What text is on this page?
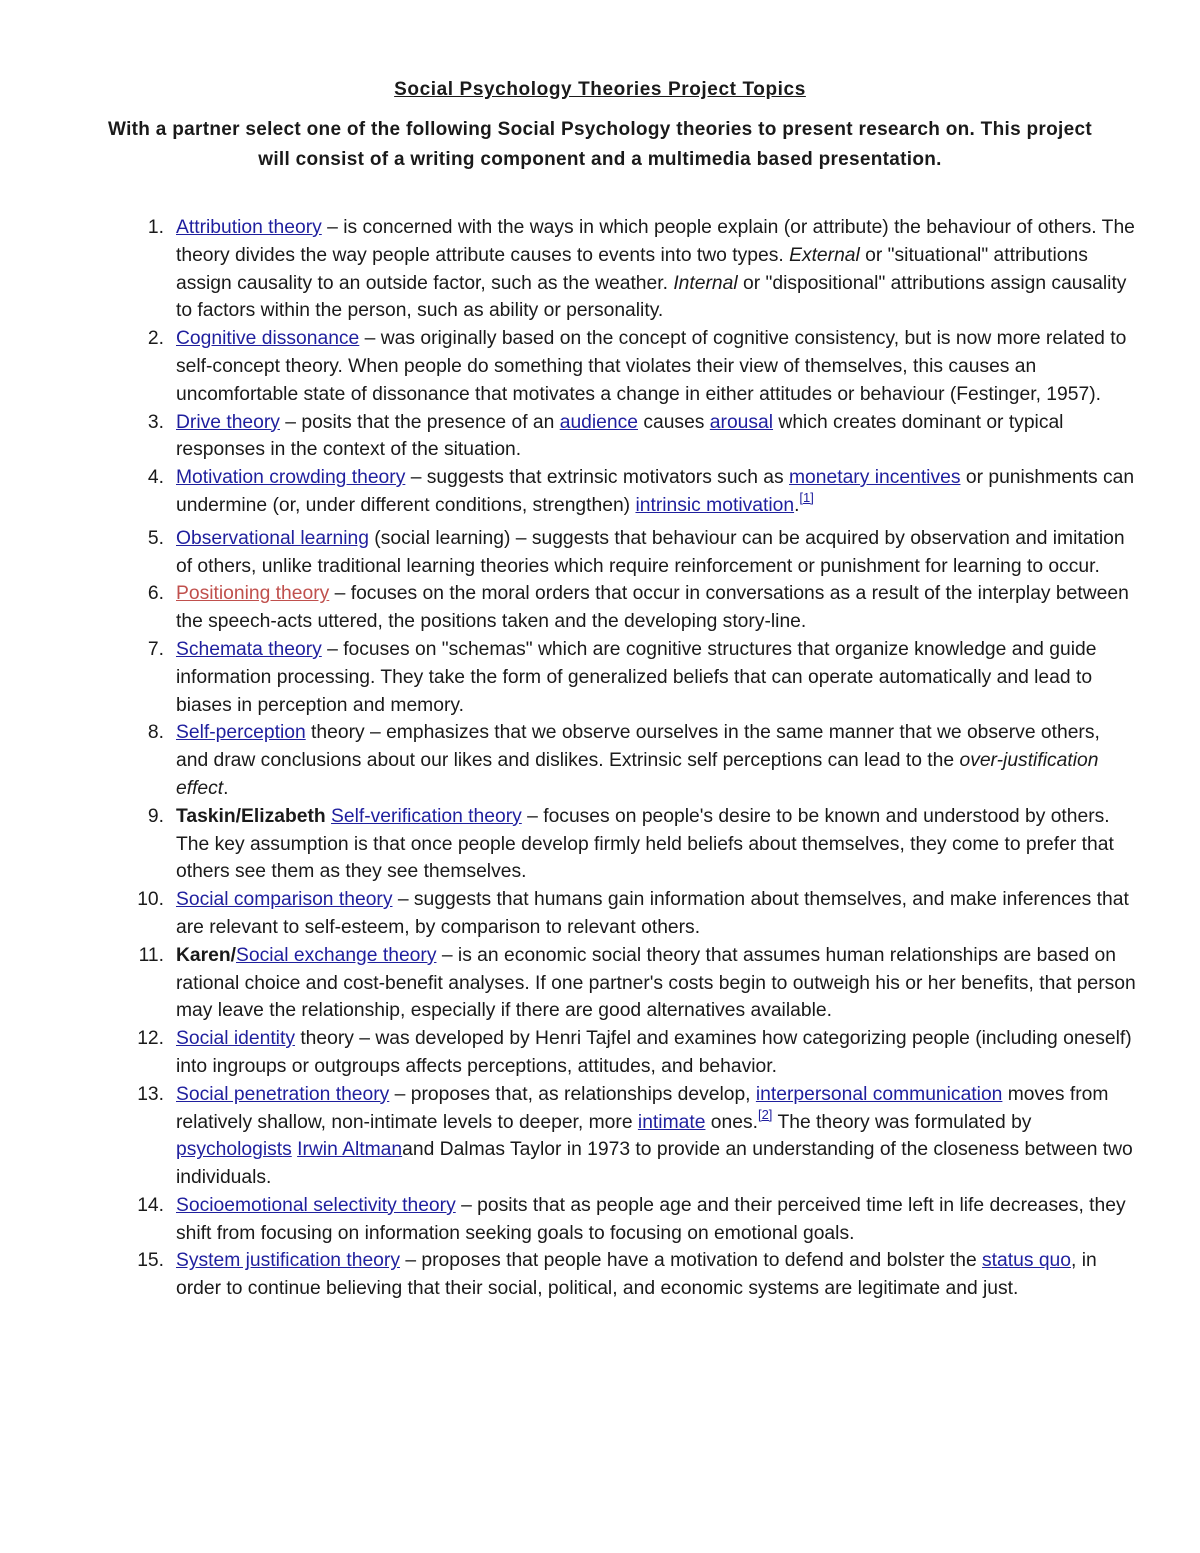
Social Psychology Theories Project Topics
With a partner select one of the following Social Psychology theories to present research on. This project will consist of a writing component and a multimedia based presentation.
1. Attribution theory – is concerned with the ways in which people explain (or attribute) the behaviour of others. The theory divides the way people attribute causes to events into two types. External or "situational" attributions assign causality to an outside factor, such as the weather. Internal or "dispositional" attributions assign causality to factors within the person, such as ability or personality.
2. Cognitive dissonance – was originally based on the concept of cognitive consistency, but is now more related to self-concept theory. When people do something that violates their view of themselves, this causes an uncomfortable state of dissonance that motivates a change in either attitudes or behaviour (Festinger, 1957).
3. Drive theory – posits that the presence of an audience causes arousal which creates dominant or typical responses in the context of the situation.
4. Motivation crowding theory – suggests that extrinsic motivators such as monetary incentives or punishments can undermine (or, under different conditions, strengthen) intrinsic motivation.[1]
5. Observational learning (social learning) – suggests that behaviour can be acquired by observation and imitation of others, unlike traditional learning theories which require reinforcement or punishment for learning to occur.
6. Positioning theory – focuses on the moral orders that occur in conversations as a result of the interplay between the speech-acts uttered, the positions taken and the developing story-line.
7. Schemata theory – focuses on "schemas" which are cognitive structures that organize knowledge and guide information processing. They take the form of generalized beliefs that can operate automatically and lead to biases in perception and memory.
8. Self-perception theory – emphasizes that we observe ourselves in the same manner that we observe others, and draw conclusions about our likes and dislikes. Extrinsic self perceptions can lead to the over-justification effect.
9. Taskin/Elizabeth Self-verification theory – focuses on people's desire to be known and understood by others. The key assumption is that once people develop firmly held beliefs about themselves, they come to prefer that others see them as they see themselves.
10. Social comparison theory – suggests that humans gain information about themselves, and make inferences that are relevant to self-esteem, by comparison to relevant others.
11. Karen/Social exchange theory – is an economic social theory that assumes human relationships are based on rational choice and cost-benefit analyses. If one partner's costs begin to outweigh his or her benefits, that person may leave the relationship, especially if there are good alternatives available.
12. Social identity theory – was developed by Henri Tajfel and examines how categorizing people (including oneself) into ingroups or outgroups affects perceptions, attitudes, and behavior.
13. Social penetration theory – proposes that, as relationships develop, interpersonal communication moves from relatively shallow, non-intimate levels to deeper, more intimate ones.[2] The theory was formulated by psychologists Irwin Altmanand Dalmas Taylor in 1973 to provide an understanding of the closeness between two individuals.
14. Socioemotional selectivity theory – posits that as people age and their perceived time left in life decreases, they shift from focusing on information seeking goals to focusing on emotional goals.
15. System justification theory – proposes that people have a motivation to defend and bolster the status quo, in order to continue believing that their social, political, and economic systems are legitimate and just.
